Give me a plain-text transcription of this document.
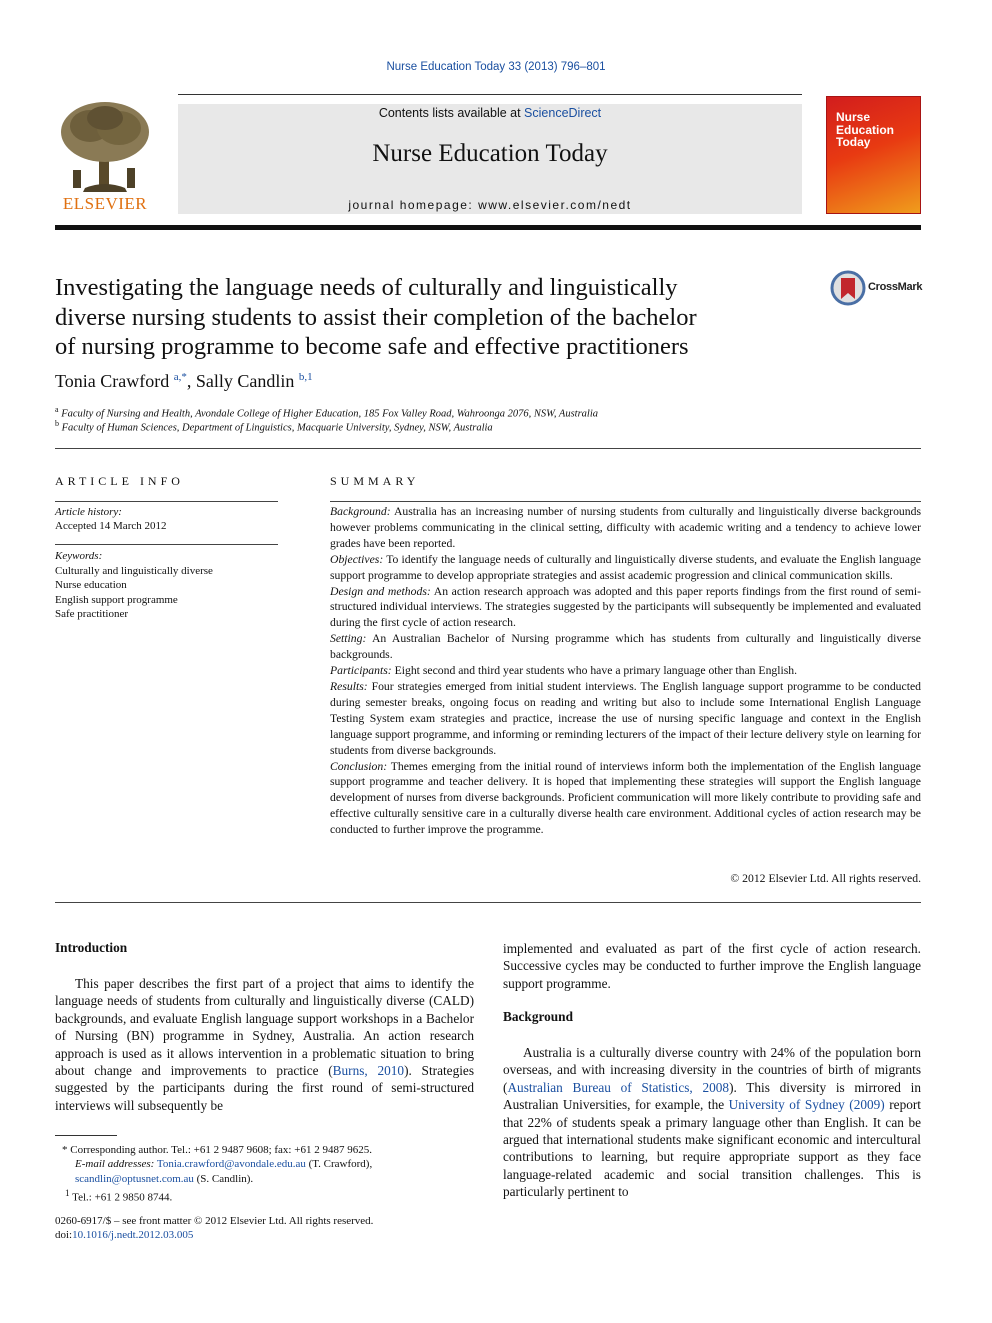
Nurse Education Today 33 (2013) 796–801
ELSEVIER
Contents lists available at ScienceDirect
Nurse Education Today
journal homepage: www.elsevier.com/nedt
Nurse Education Today
Investigating the language needs of culturally and linguistically
diverse nursing students to assist their completion of the bachelor
of nursing programme to become safe and effective practitioners
CrossMark
Tonia Crawford $^{a,*}$, Sally Candlin $^{b,1}$
$^a$ Faculty of Nursing and Health, Avondale College of Higher Education, 185 Fox Valley Road, Wahroonga 2076, NSW, Australia
$^b$ Faculty of Human Sciences, Department of Linguistics, Macquarie University, Sydney, NSW, Australia
ARTICLE INFO
Article history:
Accepted 14 March 2012
Keywords:
Culturally and linguistically diverse
Nurse education
English support programme
Safe practitioner
SUMMARY

Background: Australia has an increasing number of nursing students from culturally and linguistically diverse backgrounds however problems communicating in the clinical setting, difficulty with academic writing and a tendency to achieve lower grades have been reported.

Objectives: To identify the language needs of culturally and linguistically diverse students, and evaluate the English language support programme to develop appropriate strategies and assist academic progression and clinical communication skills.

Design and methods: An action research approach was adopted and this paper reports findings from the first round of semi-structured individual interviews. The strategies suggested by the participants will subsequently be implemented and evaluated during the first cycle of action research.

Setting: An Australian Bachelor of Nursing programme which has students from culturally and linguistically diverse backgrounds.

Participants: Eight second and third year students who have a primary language other than English.

Results: Four strategies emerged from initial student interviews. The English language support programme to be conducted during semester breaks, ongoing focus on reading and writing but also to include some International English Language Testing System exam strategies and practice, increase the use of nursing specific language and context in the English language support programme, and informing or reminding lecturers of the impact of their lecture delivery style on learning for students from diverse backgrounds.

Conclusion: Themes emerging from the initial round of interviews inform both the implementation of the English language support programme and teacher delivery. It is hoped that implementing these strategies will support the English language development of nurses from diverse backgrounds. Proficient communication will more likely contribute to providing safe and effective culturally sensitive care in a culturally diverse health care environment. Additional cycles of action research may be conducted to further improve the programme.

© 2012 Elsevier Ltd. All rights reserved.
Introduction

This paper describes the first part of a project that aims to identify the language needs of students from culturally and linguistically diverse (CALD) backgrounds, and evaluate English language support workshops in a Bachelor of Nursing (BN) programme in Sydney, Australia. An action research approach is used as it allows intervention in a problematic situation to bring about change and improvements to practice (Burns, 2010). Strategies suggested by the participants during the first round of semi-structured interviews will subsequently be

* Corresponding author. Tel.: +61 2 9487 9608; fax: +61 2 9487 9625.
E-mail addresses: Tonia.crawford@avondale.edu.au (T. Crawford),
scandlin@optusnet.com.au (S. Candlin).
$^1$ Tel.: +61 2 9850 8744.
0260-6917/$ – see front matter © 2012 Elsevier Ltd. All rights reserved.
doi:10.1016/j.nedt.2012.03.005

implemented and evaluated as part of the first cycle of action research. Successive cycles may be conducted to further improve the English language support programme.

Background

Australia is a culturally diverse country with 24% of the population born overseas, and with increasing diversity in the countries of birth of migrants (Australian Bureau of Statistics, 2008). This diversity is mirrored in Australian Universities, for example, the University of Sydney (2009) report that 22% of students speak a primary language other than English. It can be argued that international students make significant economic and intercultural contributions to learning, but require appropriate support as they face language-related academic and social transition challenges. This is particularly pertinent to
